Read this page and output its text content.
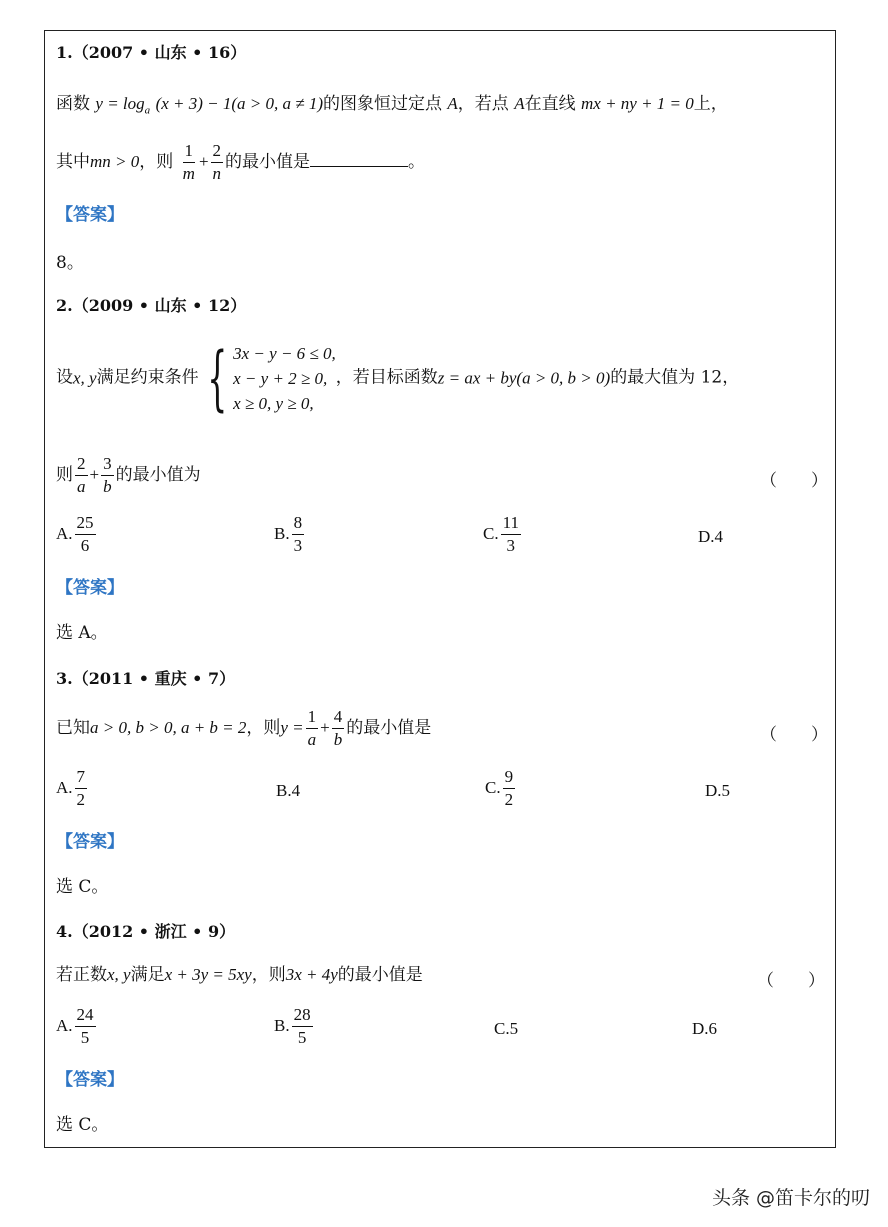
1.（2007 • 山东 • 16）
函数 $y = \log_a (x + 3) - 1(a > 0$, a ≠ 1)的图象恒过定点 A，若点 A在直线 mx + ny + 1 = 0上，
其中mn > 0，则 $\frac{1}{m} + \frac{2}{n}$ 的最小值是	。
【答案】
8。
2.（2009 • 山东 • 12）
设x, y满足约束条件 { 3x − y − 6 ≤ 0,
x − y + 2 ≥ 0,
x ≥ 0, y ≥ 0,
，若目标函数z = ax + by(a > 0, b > 0)的最大值为 12，
则 $\frac{2}{a} + \frac{3}{b}$ 的最小值为	（　　）
A. $\frac{25}{6}$	B. $\frac{8}{3}$	C. $\frac{11}{3}$	D.4
【答案】
选 A。
3.（2011 • 重庆 • 7）
已知a > 0, b > 0, a + b = 2，则$y = \frac{1}{a} + \frac{4}{b}$ 的最小值是	（　　）
A. $\frac{7}{2}$	B.4	C. $\frac{9}{2}$	D.5
【答案】
选 C。
4.（2012 • 浙江 • 9）
若正数x, y满足x + 3y = 5xy，则3x + 4y的最小值是	（　　）
A. $\frac{24}{5}$	B. $\frac{28}{5}$	C.5	D.6
【答案】
选 C。
头条 @笛卡尔的叨
